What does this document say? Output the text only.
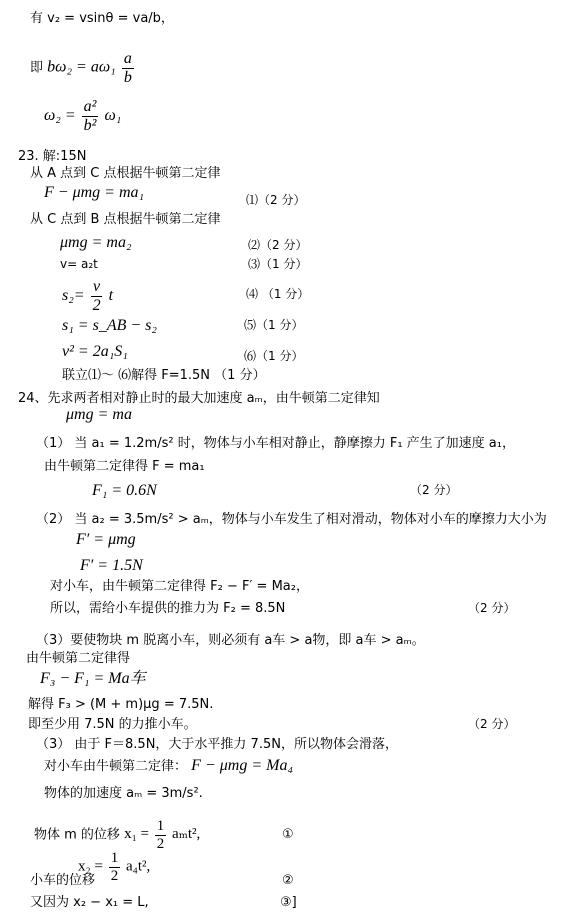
有 v₂ = vsinθ = va/b，
即 $b\omega_2 = a\omega_1 \frac{a}{b}$
$\omega_2 = \frac{\text{a²}}{\text{b²}} \omega_1$
23. 解:15N
从 A 点到 C 点根据牛顿第二定律
F − μmg = ma₁	⑴（2 分）
从 C 点到 B 点根据牛顿第二定律
μmg = ma₂	⑵（2 分）
v= a₂t	⑶（1 分）
$s_2= \frac{v}{2}$ t	⑷ （1 分）
s₁ = s_AB − s₂	⑸（1 分）
v² = 2a₁S₁	⑹（1 分）
联立⑴～ ⑹解得 F=1.5N （1 分）
24、先求两者相对静止时的最大加速度 aₘ，由牛顿第二定律知
μmg = ma
（1） 当 a₁ = 1.2m/s² 时，物体与小车相对静止，静摩擦力 F₁ 产生了加速度 a₁，
由牛顿第二定律得 F = ma₁
F₁ = 0.6N	（2 分）
（2） 当 a₂ = 3.5m/s² > aₘ，物体与小车发生了相对滑动，物体对小车的摩擦力大小为
F′ = μmg
F′ = 1.5N
对小车，由牛顿第二定律得 F₂ − F′ = Ma₂，
所以，需给小车提供的推力为 F₂ = 8.5N	（2 分）
（3）要使物块 m 脱离小车，则必须有 a车 > a物，即 a车 > aₘ。
由牛顿第二定律得
F₃ − F₁ = Ma车
解得 F₃ > (M + m)μg = 7.5N.
即至少用 7.5N 的力推小车。	（2 分）
（3） 由于 F＝8.5N，大于水平推力 7.5N，所以物体会滑落，
对小车由牛顿第二定律： F − μmg = Ma₄
物体的加速度 aₘ = 3m/s².
物体 m 的位移 $x_1 = \frac{1}{2} a_mt^2$,	①
$x_2 = \frac{1}{2} a_4t^2$,
小车的位移	②
又因为 x₂ − x₁ = L,	③]
